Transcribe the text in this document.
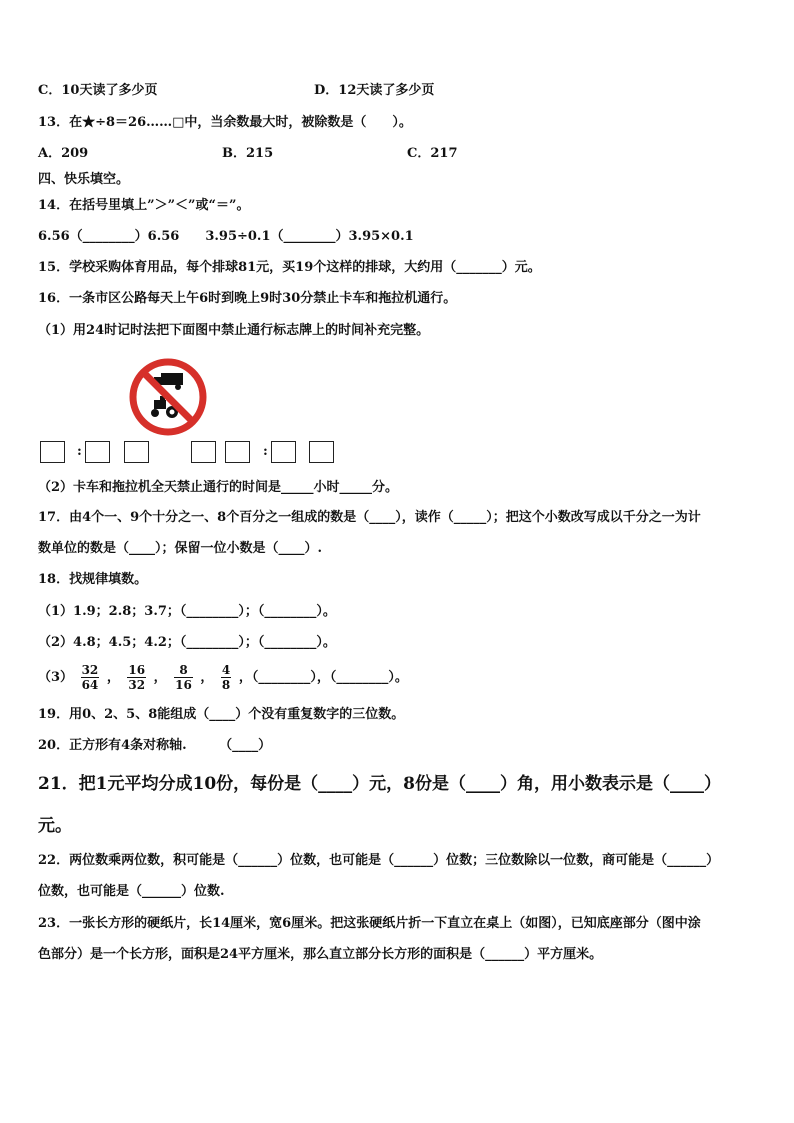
C．10天读了多少页	D．12天读了多少页
13．在★÷8＝26……□中，当余数最大时，被除数是（　　）。
A．209	B．215	C．217
四、快乐填空。
14．在括号里填上”＞”＜”或“＝”。
6.56（________）6.56　　3.95÷0.1（________）3.95×0.1
15．学校采购体育用品，每个排球81元，买19个这样的排球，大约用（_______）元。
16．一条市区公路每天上午6时到晚上9时30分禁止卡车和拖拉机通行。
（1）用24时记时法把下面图中禁止通行标志牌上的时间补充完整。
:	:
（2）卡车和拖拉机全天禁止通行的时间是_____小时_____分。
17．由4个一、9个十分之一、8个百分之一组成的数是（____），读作（_____）；把这个小数改写成以千分之一为计
数单位的数是（____）；保留一位小数是（____）.
18．找规律填数。
（1）1.9；2.8；3.7；（________）；（________）。
（2）4.8；4.5；4.2；（________）；（________）。
$(3) \frac{32}{64}$ ， $\frac{16}{32}$ ， $\frac{8}{16}$ ， $\frac{4}{8}$ ，（________），（________）。
19．用0、2、5、8能组成（____）个没有重复数字的三位数。
20．正方形有4条对称轴.　　　（____）
21．把1元平均分成10份，每份是（____）元，8份是（____）角，用小数表示是（____）
元。
22．两位数乘两位数，积可能是（______）位数，也可能是（______）位数；三位数除以一位数，商可能是（______）
位数，也可能是（______）位数.
23．一张长方形的硬纸片，长14厘米，宽6厘米。把这张硬纸片折一下直立在桌上（如图），已知底座部分（图中涂
色部分）是一个长方形，面积是24平方厘米，那么直立部分长方形的面积是（______）平方厘米。
